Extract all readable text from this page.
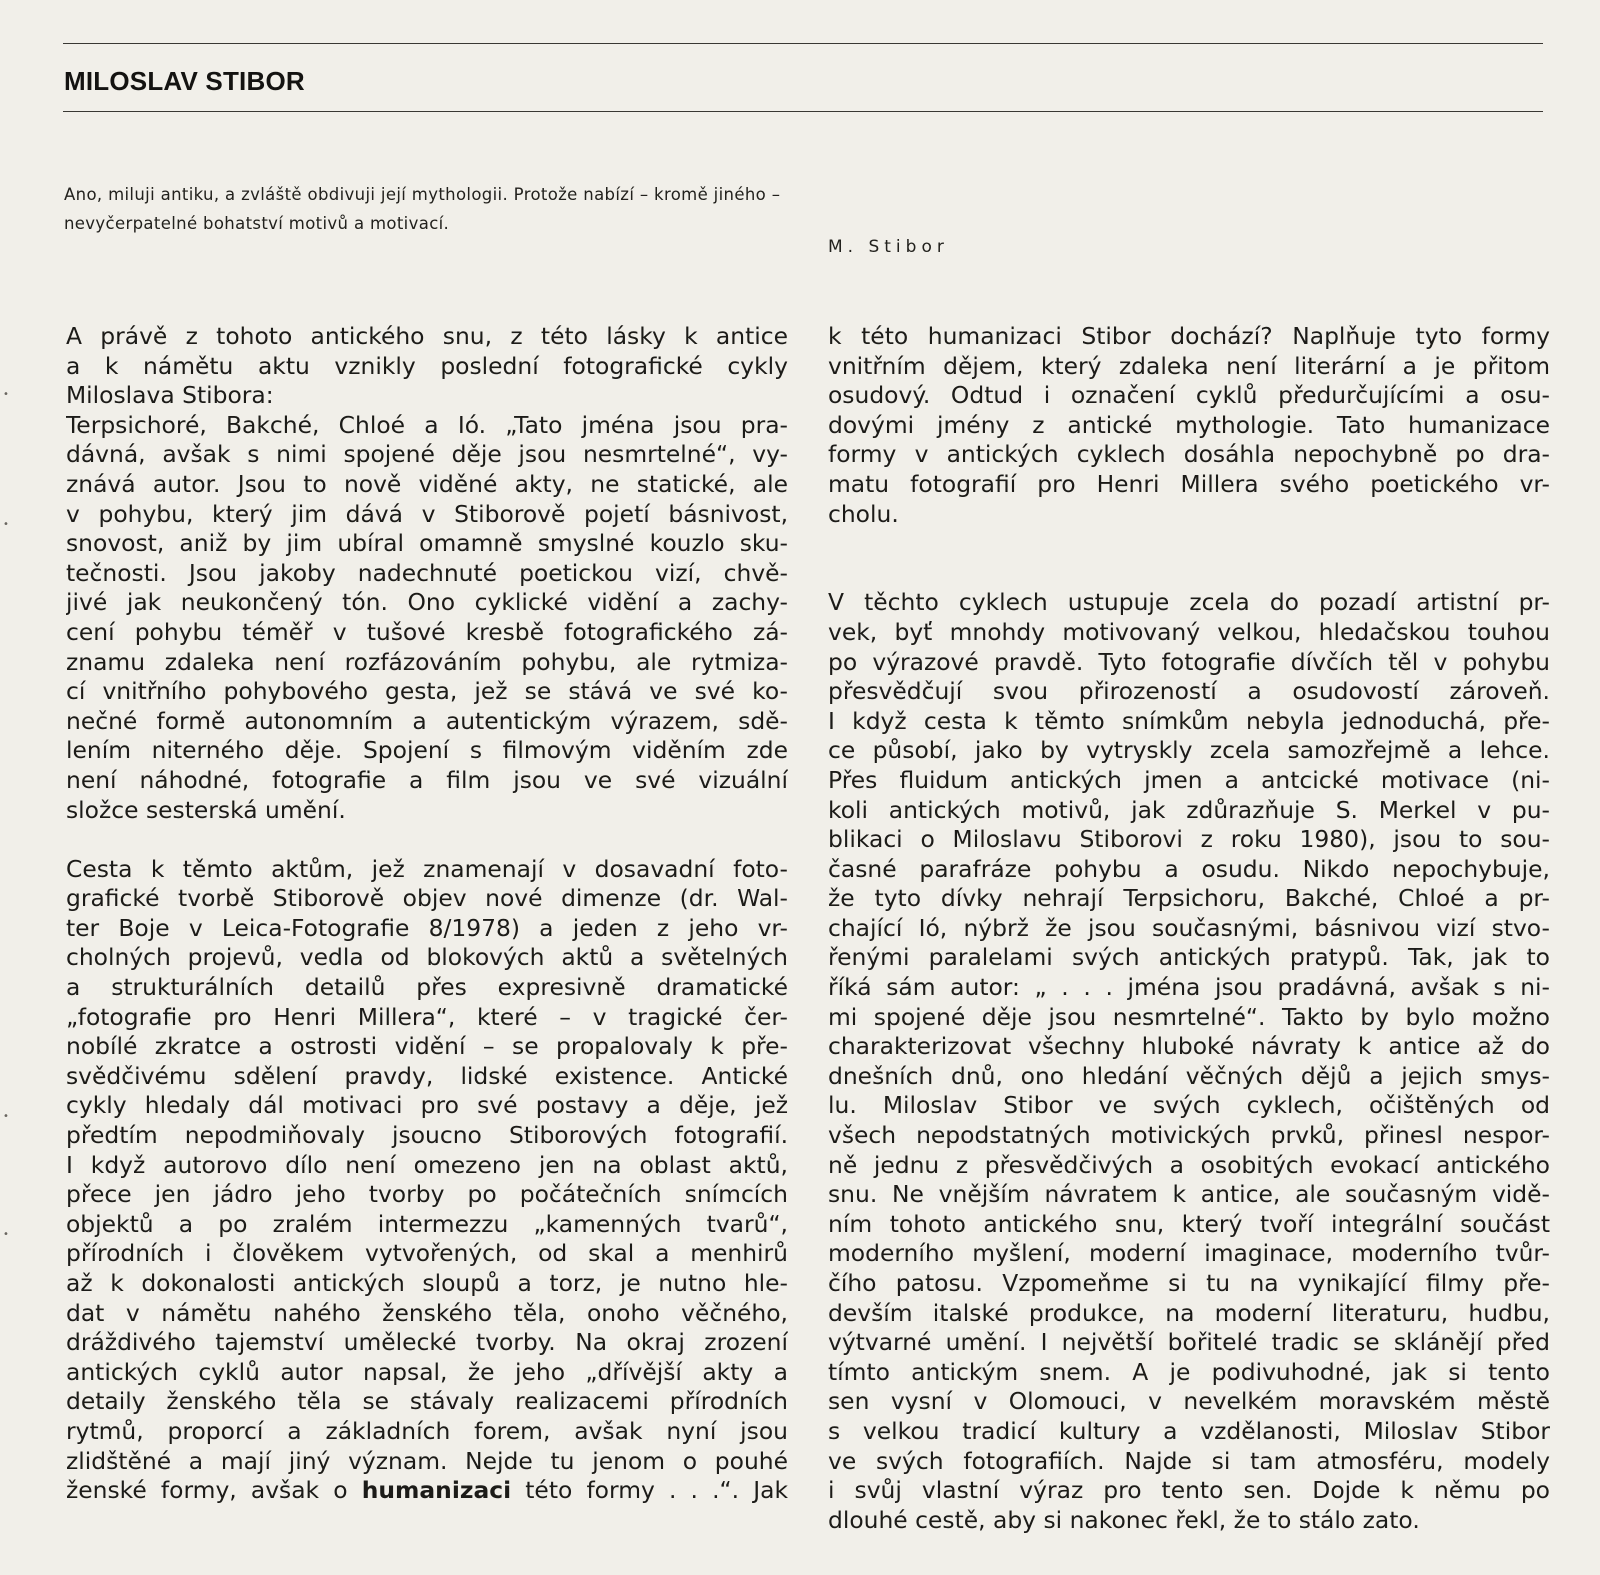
MILOSLAV STIBOR
Ano, miluji antiku, a zvláště obdivuji její mythologii. Protože nabízí – kromě jiného –
nevyčerpatelné bohatství motivů a motivací.
M. Stibor
•
•
•
•
A právě z tohoto antického snu, z této lásky k antice
a k námětu aktu vznikly poslední fotografické cykly
Miloslava Stibora:
Terpsichoré, Bakché, Chloé a Ió. „Tato jména jsou pra-
dávná, avšak s nimi spojené děje jsou nesmrtelné“, vy-
znává autor. Jsou to nově viděné akty, ne statické, ale
v pohybu, který jim dává v Stiborově pojetí básnivost,
snovost, aniž by jim ubíral omamně smyslné kouzlo sku-
tečnosti. Jsou jakoby nadechnuté poetickou vizí, chvě-
jivé jak neukončený tón. Ono cyklické vidění a zachy-
cení pohybu téměř v tušové kresbě fotografického zá-
znamu zdaleka není rozfázováním pohybu, ale rytmiza-
cí vnitřního pohybového gesta, jež se stává ve své ko-
nečné formě autonomním a autentickým výrazem, sdě-
lením niterného děje. Spojení s filmovým viděním zde
není náhodné, fotografie a film jsou ve své vizuální
složce sesterská umění.
Cesta k těmto aktům, jež znamenají v dosavadní foto-
grafické tvorbě Stiborově objev nové dimenze (dr. Wal-
ter Boje v Leica-Fotografie 8/1978) a jeden z jeho vr-
cholných projevů, vedla od blokových aktů a světelných
a strukturálních detailů přes expresivně dramatické
„fotografie pro Henri Millera“, které – v tragické čer-
nobílé zkratce a ostrosti vidění – se propalovaly k pře-
svědčivému sdělení pravdy, lidské existence. Antické
cykly hledaly dál motivaci pro své postavy a děje, jež
předtím nepodmiňovaly jsoucno Stiborových fotografií.
I když autorovo dílo není omezeno jen na oblast aktů,
přece jen jádro jeho tvorby po počátečních snímcích
objektů a po zralém intermezzu „kamenných tvarů“,
přírodních i člověkem vytvořených, od skal a menhirů
až k dokonalosti antických sloupů a torz, je nutno hle-
dat v námětu nahého ženského těla, onoho věčného,
dráždivého tajemství umělecké tvorby. Na okraj zrození
antických cyklů autor napsal, že jeho „dřívější akty a
detaily ženského těla se stávaly realizacemi přírodních
rytmů, proporcí a základních forem, avšak nyní jsou
zlidštěné a mají jiný význam. Nejde tu jenom o pouhé
ženské formy, avšak o humanizaci této formy . . .“. Jak
k této humanizaci Stibor dochází? Naplňuje tyto formy
vnitřním dějem, který zdaleka není literární a je přitom
osudový. Odtud i označení cyklů předurčujícími a osu-
dovými jmény z antické mythologie. Tato humanizace
formy v antických cyklech dosáhla nepochybně po dra-
matu fotografií pro Henri Millera svého poetického vr-
cholu.
V těchto cyklech ustupuje zcela do pozadí artistní pr-
vek, byť mnohdy motivovaný velkou, hledačskou touhou
po výrazové pravdě. Tyto fotografie dívčích těl v pohybu
přesvědčují svou přirozeností a osudovostí zároveň.
I když cesta k těmto snímkům nebyla jednoduchá, pře-
ce působí, jako by vytryskly zcela samozřejmě a lehce.
Přes fluidum antických jmen a antcické motivace (ni-
koli antických motivů, jak zdůrazňuje S. Merkel v pu-
blikaci o Miloslavu Stiborovi z roku 1980), jsou to sou-
časné parafráze pohybu a osudu. Nikdo nepochybuje,
že tyto dívky nehrají Terpsichoru, Bakché, Chloé a pr-
chající Ió, nýbrž že jsou současnými, básnivou vizí stvo-
řenými paralelami svých antických pratypů. Tak, jak to
říká sám autor: „ . . . jména jsou pradávná, avšak s ni-
mi spojené děje jsou nesmrtelné“. Takto by bylo možno
charakterizovat všechny hluboké návraty k antice až do
dnešních dnů, ono hledání věčných dějů a jejich smys-
lu. Miloslav Stibor ve svých cyklech, očištěných od
všech nepodstatných motivických prvků, přinesl nespor-
ně jednu z přesvědčivých a osobitých evokací antického
snu. Ne vnějším návratem k antice, ale současným vidě-
ním tohoto antického snu, který tvoří integrální součást
moderního myšlení, moderní imaginace, moderního tvůr-
čího patosu. Vzpomeňme si tu na vynikající filmy pře-
devším italské produkce, na moderní literaturu, hudbu,
výtvarné umění. I největší bořitelé tradic se sklánějí před
tímto antickým snem. A je podivuhodné, jak si tento
sen vysní v Olomouci, v nevelkém moravském městě
s velkou tradicí kultury a vzdělanosti, Miloslav Stibor
ve svých fotografiích. Najde si tam atmosféru, modely
i svůj vlastní výraz pro tento sen. Dojde k němu po
dlouhé cestě, aby si nakonec řekl, že to stálo zato.
